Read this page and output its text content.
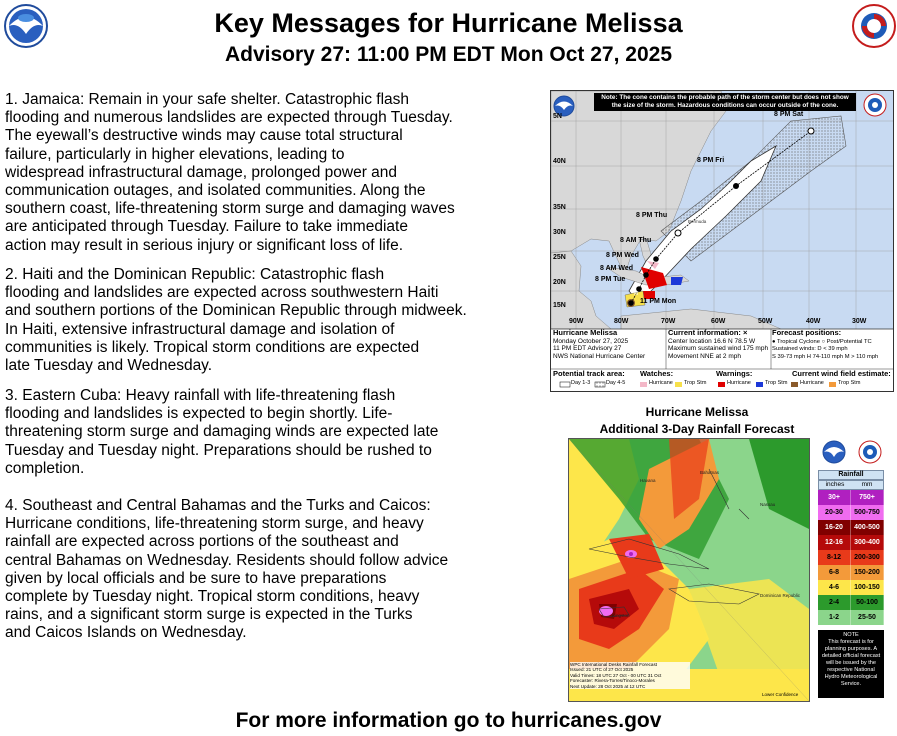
Key Messages for Hurricane Melissa
Advisory 27: 11:00 PM EDT Mon Oct 27, 2025
1. Jamaica: Remain in your safe shelter. Catastrophic flash
flooding and numerous landslides are expected through Tuesday.
The eyewall’s destructive winds may cause total structural
failure, particularly in higher elevations, leading to
widespread infrastructural damage, prolonged power and
communication outages, and isolated communities. Along the
southern coast, life-threatening storm surge and damaging waves
are anticipated through Tuesday. Failure to take immediate
action may result in serious injury or significant loss of life.
2. Haiti and the Dominican Republic: Catastrophic flash
flooding and landslides are expected across southwestern Haiti
and southern portions of the Dominican Republic through midweek.
In Haiti, extensive infrastructural damage and isolation of
communities is likely. Tropical storm conditions are expected
late Tuesday and Wednesday.
3. Eastern Cuba: Heavy rainfall with life-threatening flash
flooding and landslides is expected to begin shortly. Life-
threatening storm surge and damaging winds are expected late
Tuesday and Tuesday night. Preparations should be rushed to
completion.
4. Southeast and Central Bahamas and the Turks and Caicos:
Hurricane conditions, life-threatening storm surge, and heavy
rainfall are expected across portions of the southeast and
central Bahamas on Wednesday. Residents should follow advice
given by local officials and be sure to have preparations
complete by Tuesday night. Tropical storm conditions, heavy
rains, and a significant storm surge is expected in the Turks
and Caicos Islands on Wednesday.
M
Note: The cone contains the probable path of the storm center but does not show the size of the storm. Hazardous conditions can occur outside of the cone.
8 PM Sat
8 PM Fri
8 PM Thu
8 AM Thu
8 PM Wed
8 AM Wed
8 PM Tue
11 PM Mon
5N
40N
35N
30N
25N
20N
15N
90W	80W	70W	60W	50W	40W	30W
Bermuda
Hurricane Melissa
Monday October 27, 2025
11 PM EDT Advisory 27
NWS National Hurricane Center
Current information: ×
Center location 16.6 N 78.5 W
Maximum sustained wind 175 mph
Movement NNE at 2 mph
Forecast positions:
● Tropical Cyclone ○ Post/Potential TC
Sustained winds: D < 39 mph
S 39-73 mph H 74-110 mph M > 110 mph
Potential track area:
Day 1-3	Day 4-5
Watches:
Hurricane Trop Stm
Warnings:
Hurricane	Trop Stm
Current wind field estimate:
Hurricane	Trop Stm
Hurricane Melissa
Additional 3-Day Rainfall Forecast
Nassau
Havana
Dominican Republic
Kingston
Bahamas
WPC International Desks Rainfall Forecast
Issued: 21 UTC of 27 Oct 2025
Valid Times: 18 UTC 27 Oct - 00 UTC 31 Oct
Forecaster: Rivera-Torres/Tinoco-Morales
Next Update: 28 Oct 2025 at 12 UTC
Lower Confidence
Rainfall
inches	mm
30+	750+
20-30	500-750
16-20	400-500
12-16	300-400
8-12	200-300
6-8	150-200
4-6	100-150
2-4	50-100
1-2	25-50
NOTE
This forecast is for planning purposes. A detailed official forecast will be issued by the respective National Hydro Meteorological Service.
For more information go to hurricanes.gov
